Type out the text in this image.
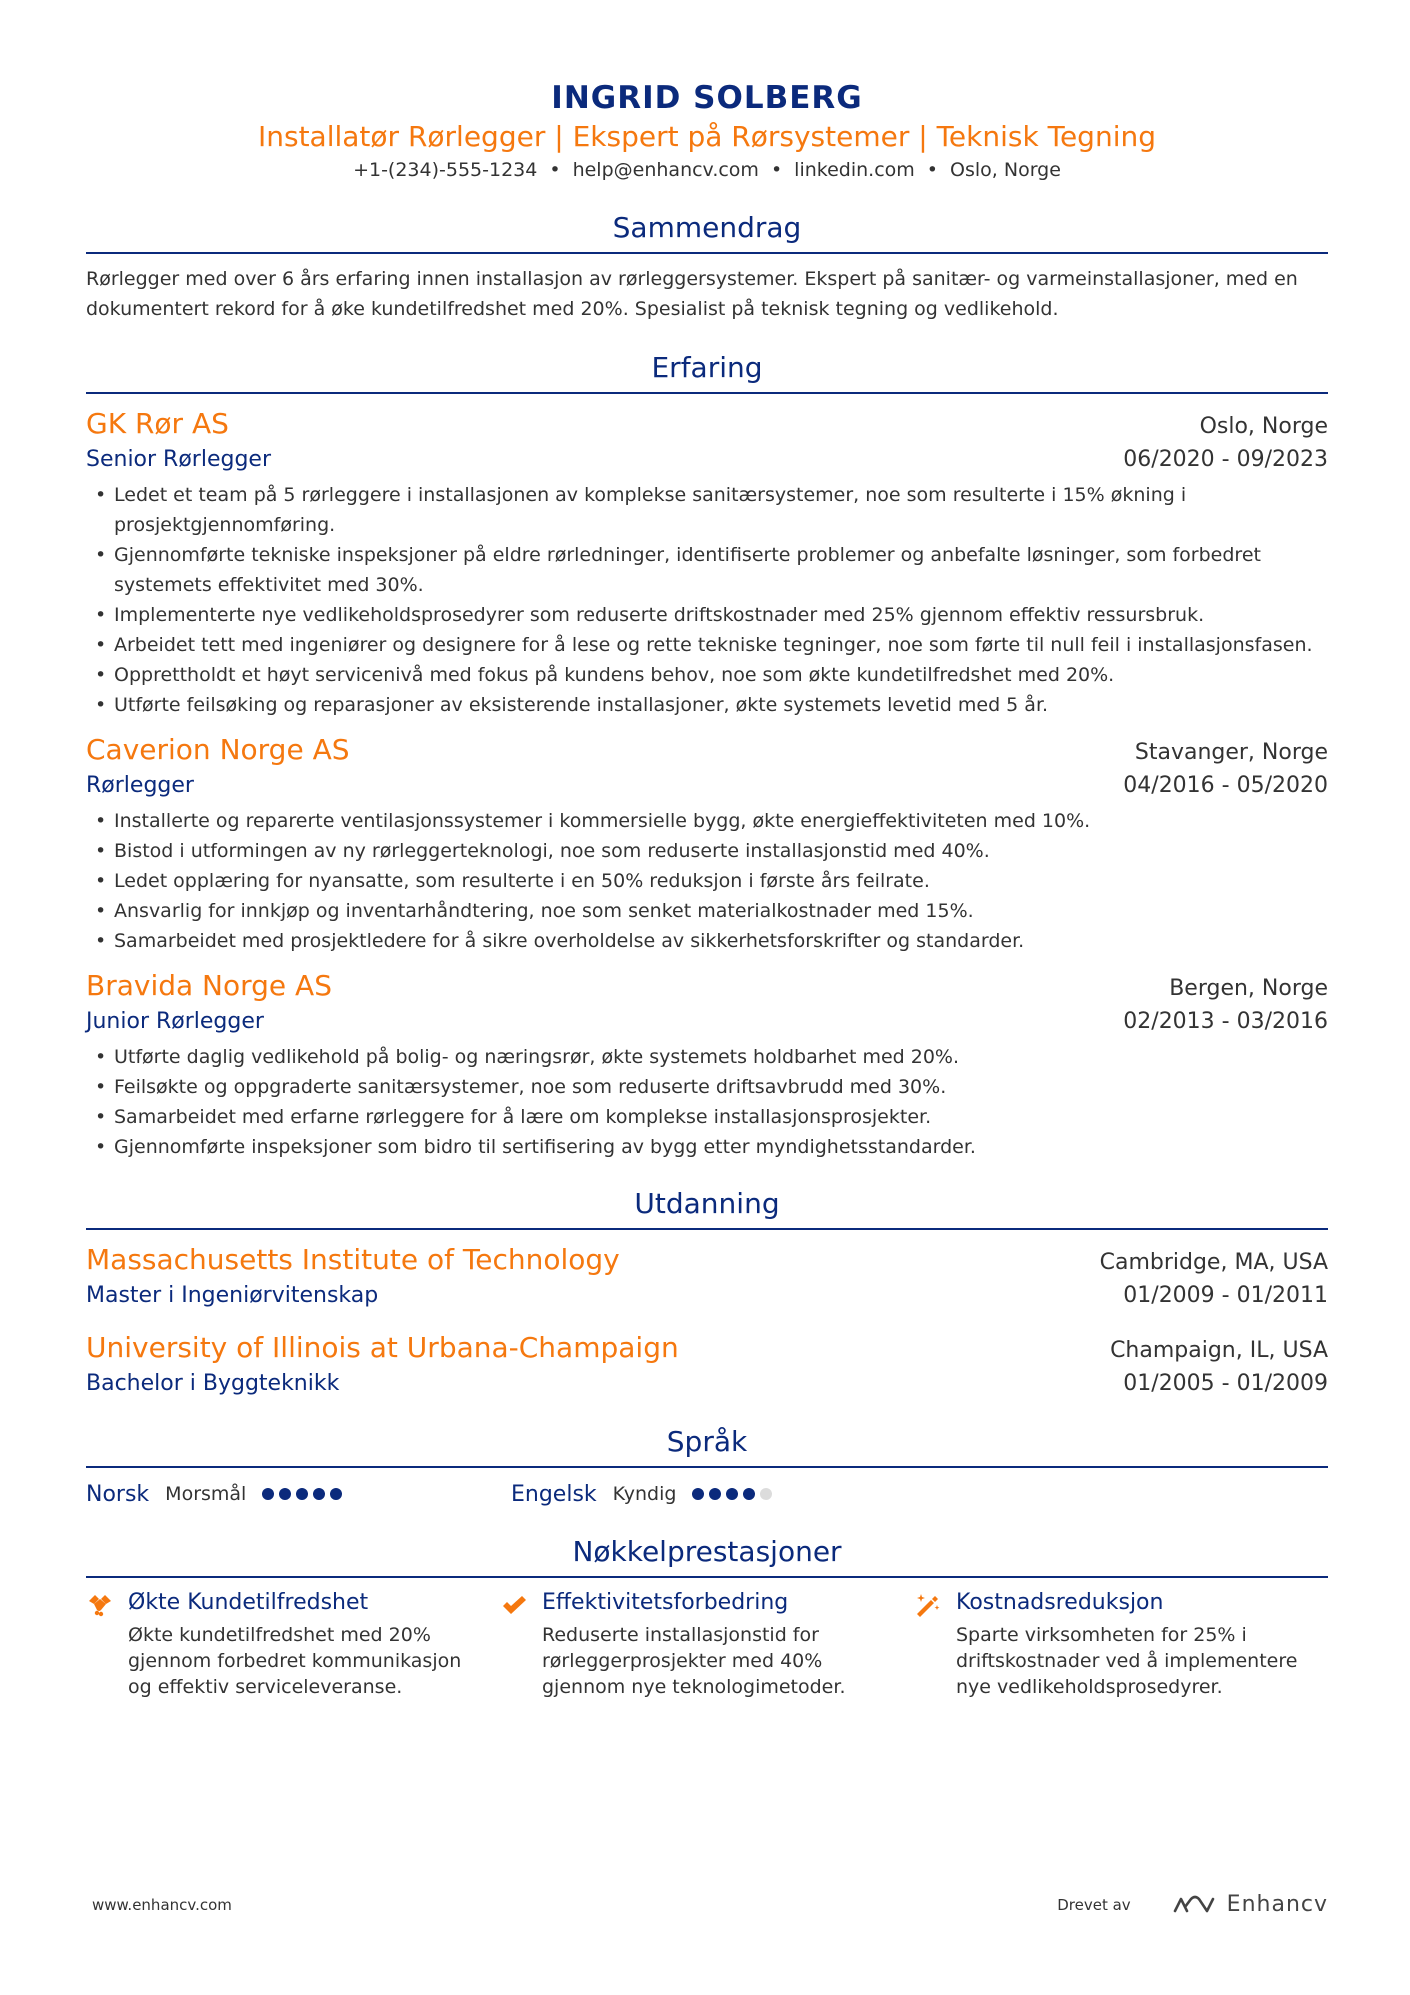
INGRID SOLBERG
Installatør Rørlegger | Ekspert på Rørsystemer | Teknisk Tegning
+1-(234)-555-1234 • help@enhancv.com • linkedin.com • Oslo, Norge
Sammendrag
Rørlegger med over 6 års erfaring innen installasjon av rørleggersystemer. Ekspert på sanitær- og varmeinstallasjoner, med en dokumentert rekord for å øke kundetilfredshet med 20%. Spesialist på teknisk tegning og vedlikehold.
Erfaring
GK Rør AS	Oslo, Norge
Senior Rørlegger	06/2020 - 09/2023
• Ledet et team på 5 rørleggere i installasjonen av komplekse sanitærsystemer, noe som resulterte i 15% økning i prosjektgjennomføring.
• Gjennomførte tekniske inspeksjoner på eldre rørledninger, identifiserte problemer og anbefalte løsninger, som forbedret systemets effektivitet med 30%.
• Implementerte nye vedlikeholdsprosedyrer som reduserte driftskostnader med 25% gjennom effektiv ressursbruk.
• Arbeidet tett med ingeniører og designere for å lese og rette tekniske tegninger, noe som førte til null feil i installasjonsfasen.
• Opprettholdt et høyt servicenivå med fokus på kundens behov, noe som økte kundetilfredshet med 20%.
• Utførte feilsøking og reparasjoner av eksisterende installasjoner, økte systemets levetid med 5 år.
Caverion Norge AS	Stavanger, Norge
Rørlegger	04/2016 - 05/2020
• Installerte og reparerte ventilasjonssystemer i kommersielle bygg, økte energieffektiviteten med 10%.
• Bistod i utformingen av ny rørleggerteknologi, noe som reduserte installasjonstid med 40%.
• Ledet opplæring for nyansatte, som resulterte i en 50% reduksjon i første års feilrate.
• Ansvarlig for innkjøp og inventarhåndtering, noe som senket materialkostnader med 15%.
• Samarbeidet med prosjektledere for å sikre overholdelse av sikkerhetsforskrifter og standarder.
Bravida Norge AS	Bergen, Norge
Junior Rørlegger	02/2013 - 03/2016
• Utførte daglig vedlikehold på bolig- og næringsrør, økte systemets holdbarhet med 20%.
• Feilsøkte og oppgraderte sanitærsystemer, noe som reduserte driftsavbrudd med 30%.
• Samarbeidet med erfarne rørleggere for å lære om komplekse installasjonsprosjekter.
• Gjennomførte inspeksjoner som bidro til sertifisering av bygg etter myndighetsstandarder.
Utdanning
Massachusetts Institute of Technology	Cambridge, MA, USA
Master i Ingeniørvitenskap	01/2009 - 01/2011
University of Illinois at Urbana-Champaign	Champaign, IL, USA
Bachelor i Byggteknikk	01/2005 - 01/2009
Språk
Norsk Morsmål	Engelsk Kyndig
Nøkkelprestasjoner
Økte Kundetilfredshet
Økte kundetilfredshet med 20% gjennom forbedret kommunikasjon og effektiv serviceleveranse.
Effektivitetsforbedring
Reduserte installasjonstid for rørleggerprosjekter med 40% gjennom nye teknologimetoder.
Kostnadsreduksjon
Sparte virksomheten for 25% i driftskostnader ved å implementere nye vedlikeholdsprosedyrer.
www.enhancv.com	Drevet av	Enhancv
